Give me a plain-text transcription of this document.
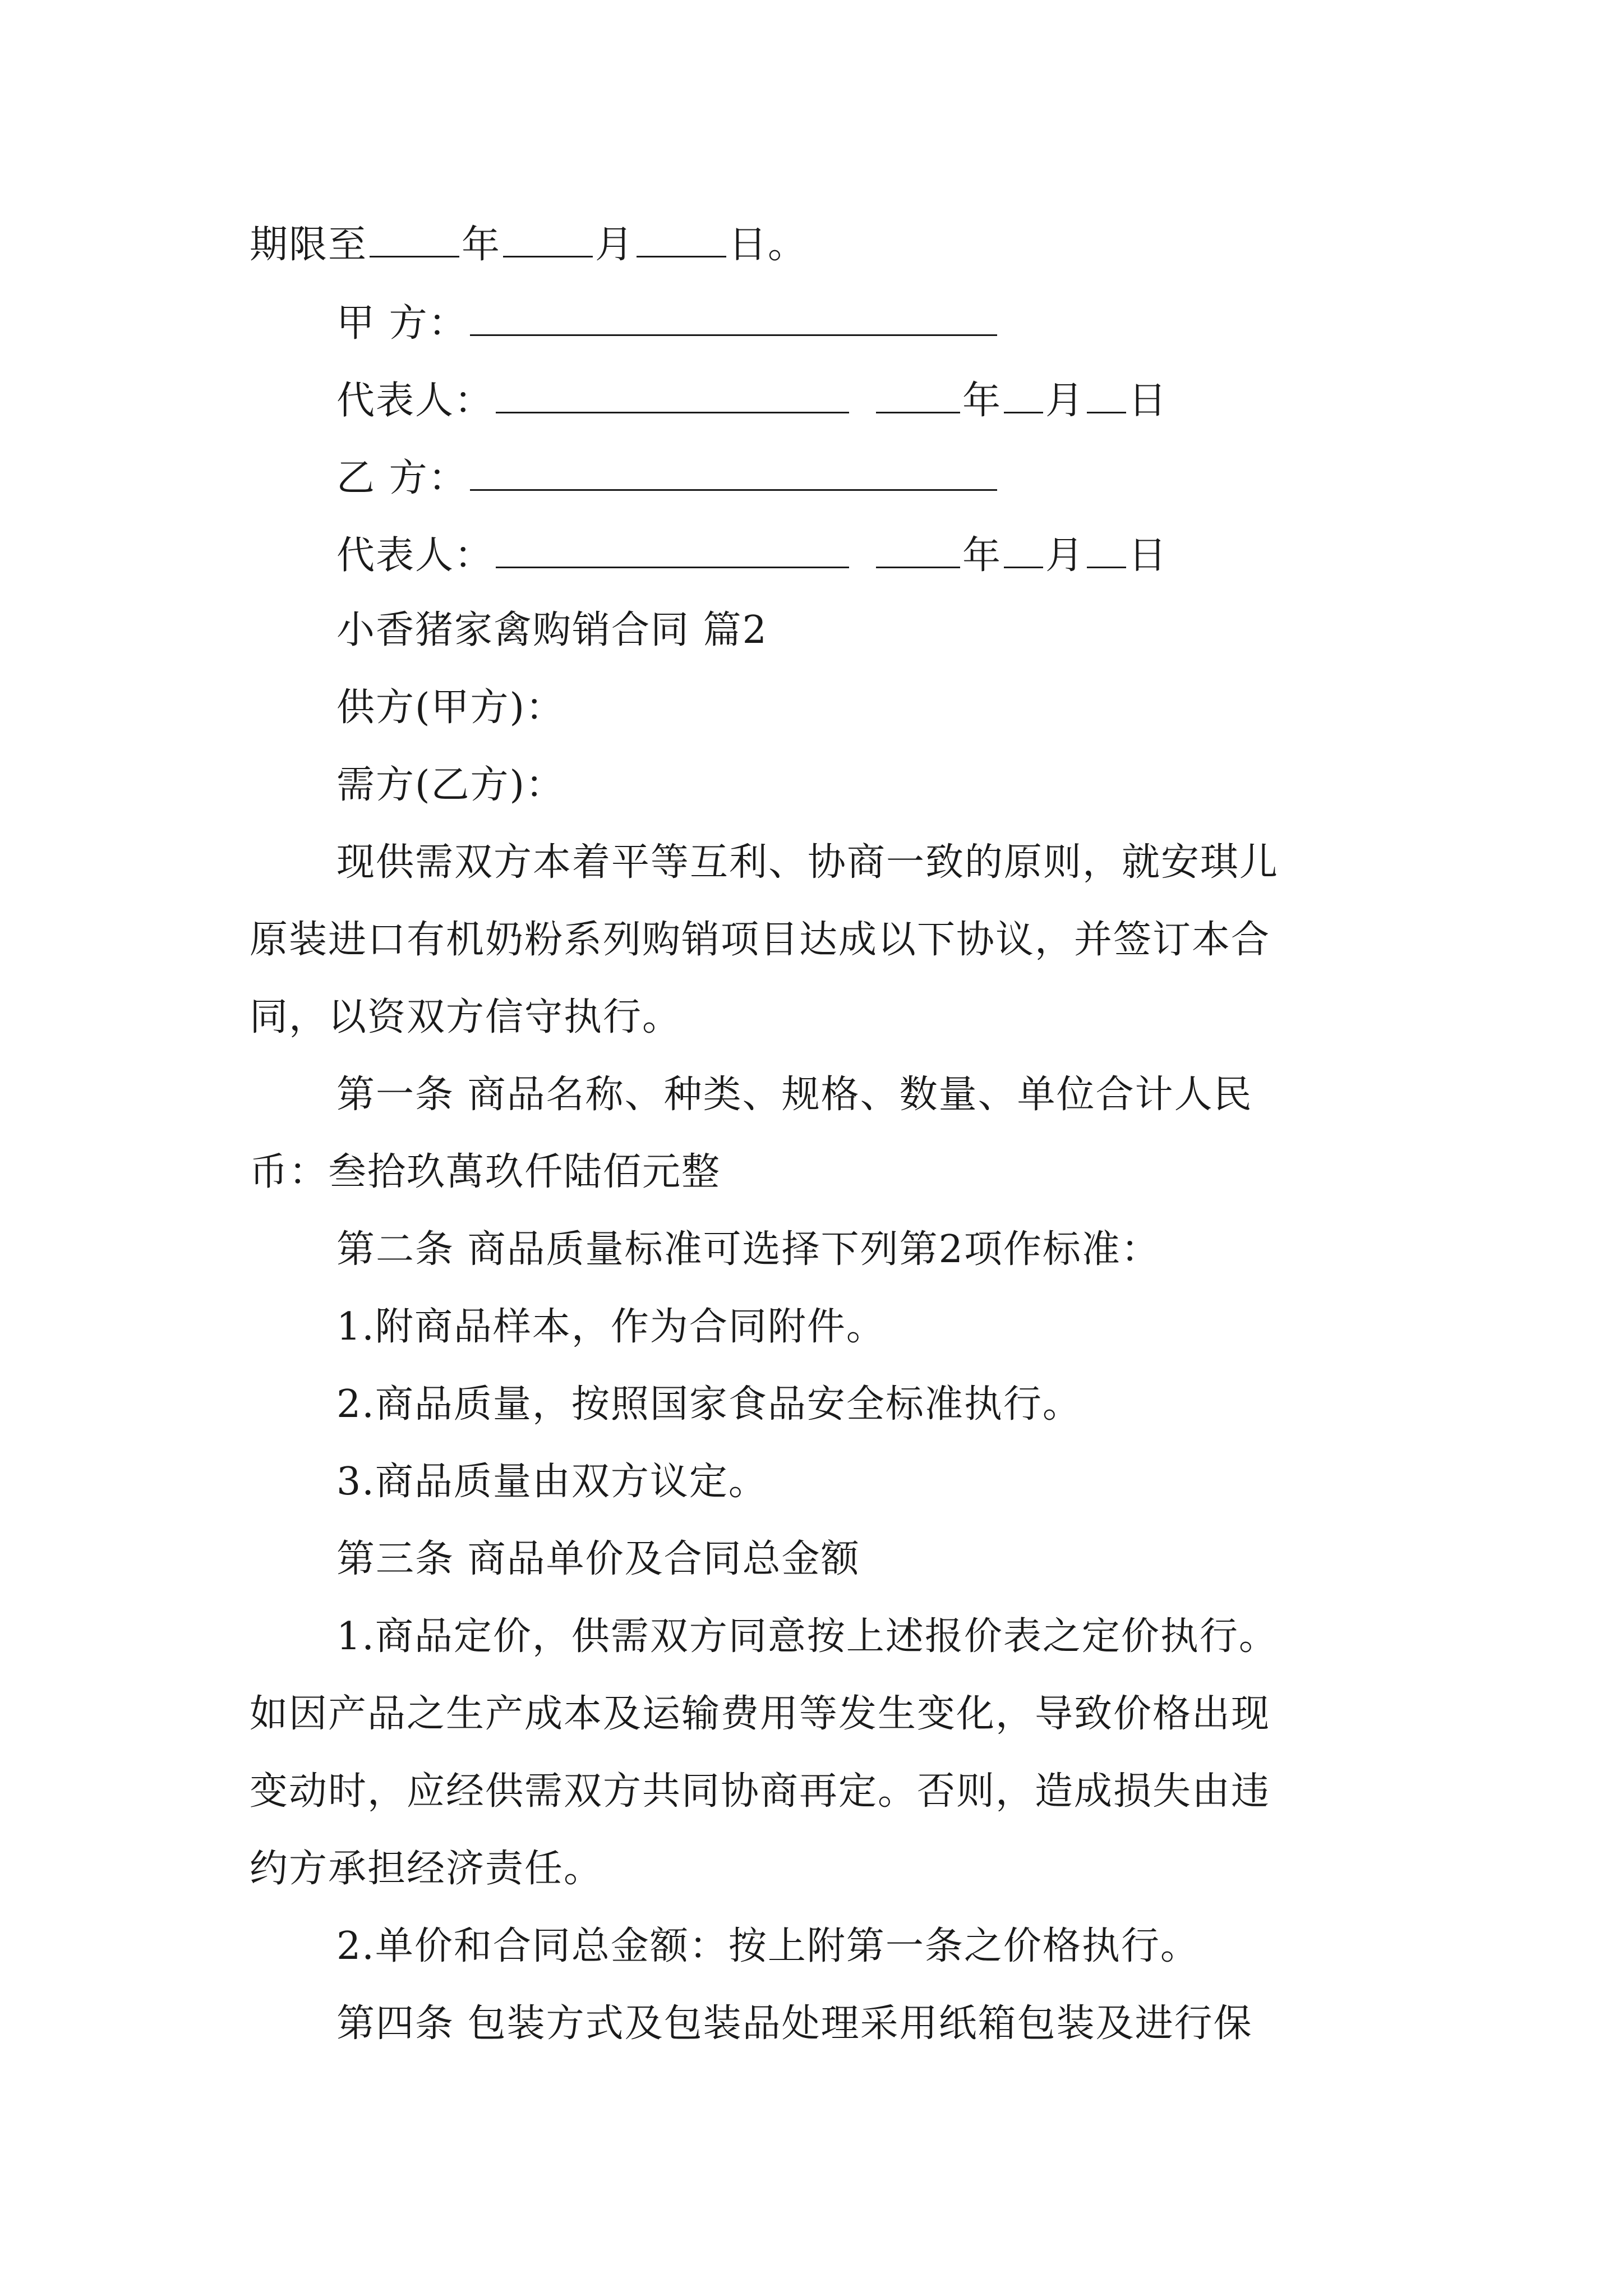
期限至 年 月 日。
甲 方：
代表人：	年 月 日
乙 方：
代表人：	年 月 日
小香猪家禽购销合同 篇2
供方(甲方)：
需方(乙方)：
现供需双方本着平等互利、协商一致的原则，就安琪儿
原装进口有机奶粉系列购销项目达成以下协议，并签订本合
同，以资双方信守执行。
第一条 商品名称、种类、规格、数量、单位合计人民
币：叁拾玖萬玖仟陆佰元整
第二条 商品质量标准可选择下列第2项作标准：
1.附商品样本，作为合同附件。
2.商品质量，按照国家食品安全标准执行。
3.商品质量由双方议定。
第三条 商品单价及合同总金额
1.商品定价，供需双方同意按上述报价表之定价执行。
如因产品之生产成本及运输费用等发生变化，导致价格出现
变动时，应经供需双方共同协商再定。否则，造成损失由违
约方承担经济责任。
2.单价和合同总金额：按上附第一条之价格执行。
第四条 包装方式及包装品处理采用纸箱包装及进行保
